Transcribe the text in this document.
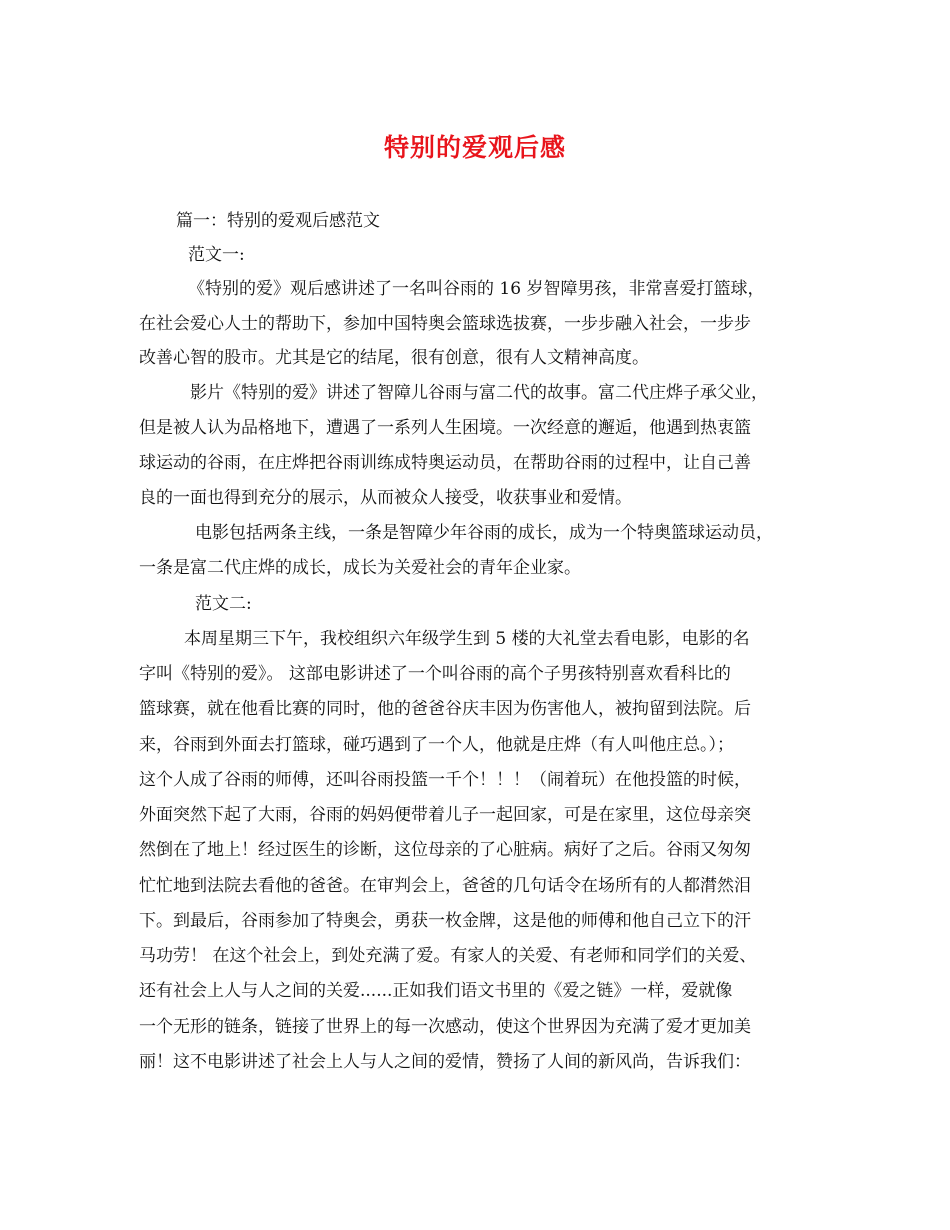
特别的爱观后感

篇一：特别的爱观后感范文

范文一:

《特别的爱》观后感讲述了一名叫谷雨的 16 岁智障男孩，非常喜爱打篮球，

在社会爱心人士的帮助下，参加中国特奥会篮球选拔赛，一步步融入社会，一步步

改善心智的股市。尤其是它的结尾，很有创意，很有人文精神高度。

影片《特别的爱》讲述了智障儿谷雨与富二代的故事。富二代庄烨子承父业，

但是被人认为品格地下，遭遇了一系列人生困境。一次经意的邂逅，他遇到热衷篮

球运动的谷雨，在庄烨把谷雨训练成特奥运动员，在帮助谷雨的过程中，让自己善

良的一面也得到充分的展示，从而被众人接受，收获事业和爱情。

电影包括两条主线，一条是智障少年谷雨的成长，成为一个特奥篮球运动员，

一条是富二代庄烨的成长，成长为关爱社会的青年企业家。

范文二:

本周星期三下午，我校组织六年级学生到 5 楼的大礼堂去看电影，电影的名

字叫《特别的爱》。 这部电影讲述了一个叫谷雨的高个子男孩特别喜欢看科比的

篮球赛，就在他看比赛的同时，他的爸爸谷庆丰因为伤害他人，被拘留到法院。后

来，谷雨到外面去打篮球，碰巧遇到了一个人，他就是庄烨（有人叫他庄总。）；

这个人成了谷雨的师傅，还叫谷雨投篮一千个！！！（闹着玩）在他投篮的时候，

外面突然下起了大雨，谷雨的妈妈便带着儿子一起回家，可是在家里，这位母亲突

然倒在了地上！经过医生的诊断，这位母亲的了心脏病。病好了之后。谷雨又匆匆

忙忙地到法院去看他的爸爸。在审判会上，爸爸的几句话令在场所有的人都潸然泪

下。到最后，谷雨参加了特奥会，勇获一枚金牌，这是他的师傅和他自己立下的汗

马功劳！ 在这个社会上，到处充满了爱。有家人的关爱、有老师和同学们的关爱、

还有社会上人与人之间的关爱......正如我们语文书里的《爱之链》一样，爱就像

一个无形的链条，链接了世界上的每一次感动，使这个世界因为充满了爱才更加美

丽！这不电影讲述了社会上人与人之间的爱情，赞扬了人间的新风尚，告诉我们：
